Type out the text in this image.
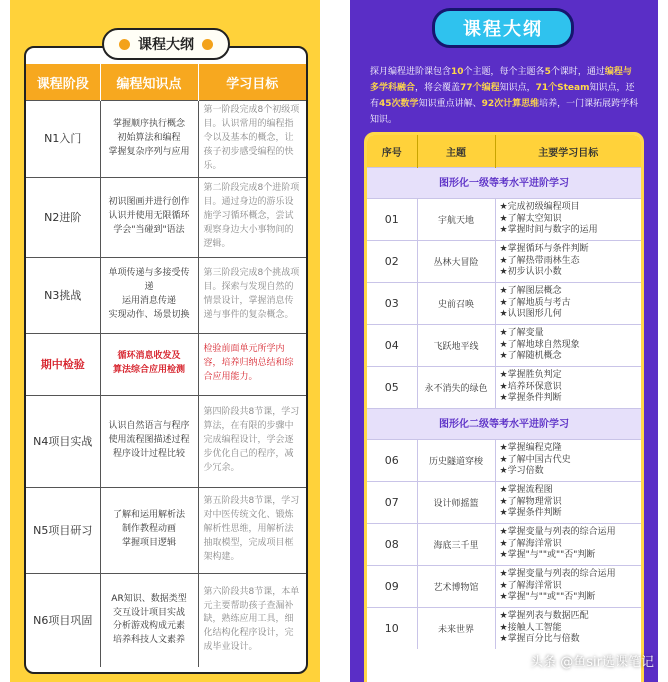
课程阶段	编程知识点	学习目标
N1入门	掌握顺序执行概念
初始算法和编程
掌握复杂序列与应用	第一阶段完成8个初级项目。认识常用的编程指令以及基本的概念，让孩子初步感受编程的快乐。
N2进阶	初识图画并进行创作
认识并使用无限循环
学会"当碰到"语法	第二阶段完成8个进阶项目。通过身边的游乐设施学习循环概念，尝试观察身边大小事物间的逻辑。
N3挑战	单项传递与多接受传递
运用消息传递
实现动作、场景切换	第三阶段完成8个挑战项目。探索与发现自然的情景设计，掌握消息传递与事件的复杂概念。
期中检验	循环消息收发及
算法综合应用检测	检验前面单元所学内容，培养归纳总结和综合应用能力。
N4项目实战	认识自然语言与程序
使用流程图描述过程
程序设计过程比较	第四阶段共8节课，学习算法，在有限的步骤中完成编程设计，学会逐步优化自己的程序，减少冗余。
N5项目研习	了解和运用解析法
制作教程动画
掌握项目逻辑	第五阶段共8节课，学习对中医传统文化、锻炼解析性思维，用解析法抽取模型，完成项目框架构建。
N6项目巩固	AR知识、数据类型
交互设计项目实战
分析游戏构成元素
培养科技人文素养	第六阶段共8节课，本单元主要帮助孩子查漏补缺，熟练应用工具，细化结构化程序设计，完成毕业设计。
课程大纲
课程大纲
探月编程进阶课包含10个主题，每个主题各5个课时，通过编程与多学科融合，将会覆盖77个编程知识点，71个Steam知识点，还有45次数学知识重点讲解、92次计算思维培养，一门课拓展跨学科知识。
序号	主题	主要学习目标
图形化一级等考水平进阶学习		
01	宇航天地	★完成初级编程项目
★了解太空知识
★掌握时间与数字的运用
02	丛林大冒险	★掌握循环与条件判断
★了解热带雨林生态
★初步认识小数
03	史前召唤	★了解图层概念
★了解地质与考古
★认识图形几何
04	飞跃地平线	★了解变量
★了解地球自然现象
★了解随机概念
05	永不消失的绿色	★掌握胜负判定
★培养环保意识
★掌握条件判断
图形化二级等考水平进阶学习		
06	历史隧道穿梭	★掌握编程克隆
★了解中国古代史
★学习倍数
07	设计师摇篮	★掌握流程图
★了解物理常识
★掌握条件判断
08	海底三千里	★掌握变量与列表的综合运用
★了解海洋常识
★掌握"与""或""否"判断
09	艺术博物馆	★掌握变量与列表的综合运用
★了解海洋常识
★掌握"与""或""否"判断
10	未来世界	★掌握列表与数据匹配
★接触人工智能
★掌握百分比与倍数
头条 @鱼sir选课笔记
